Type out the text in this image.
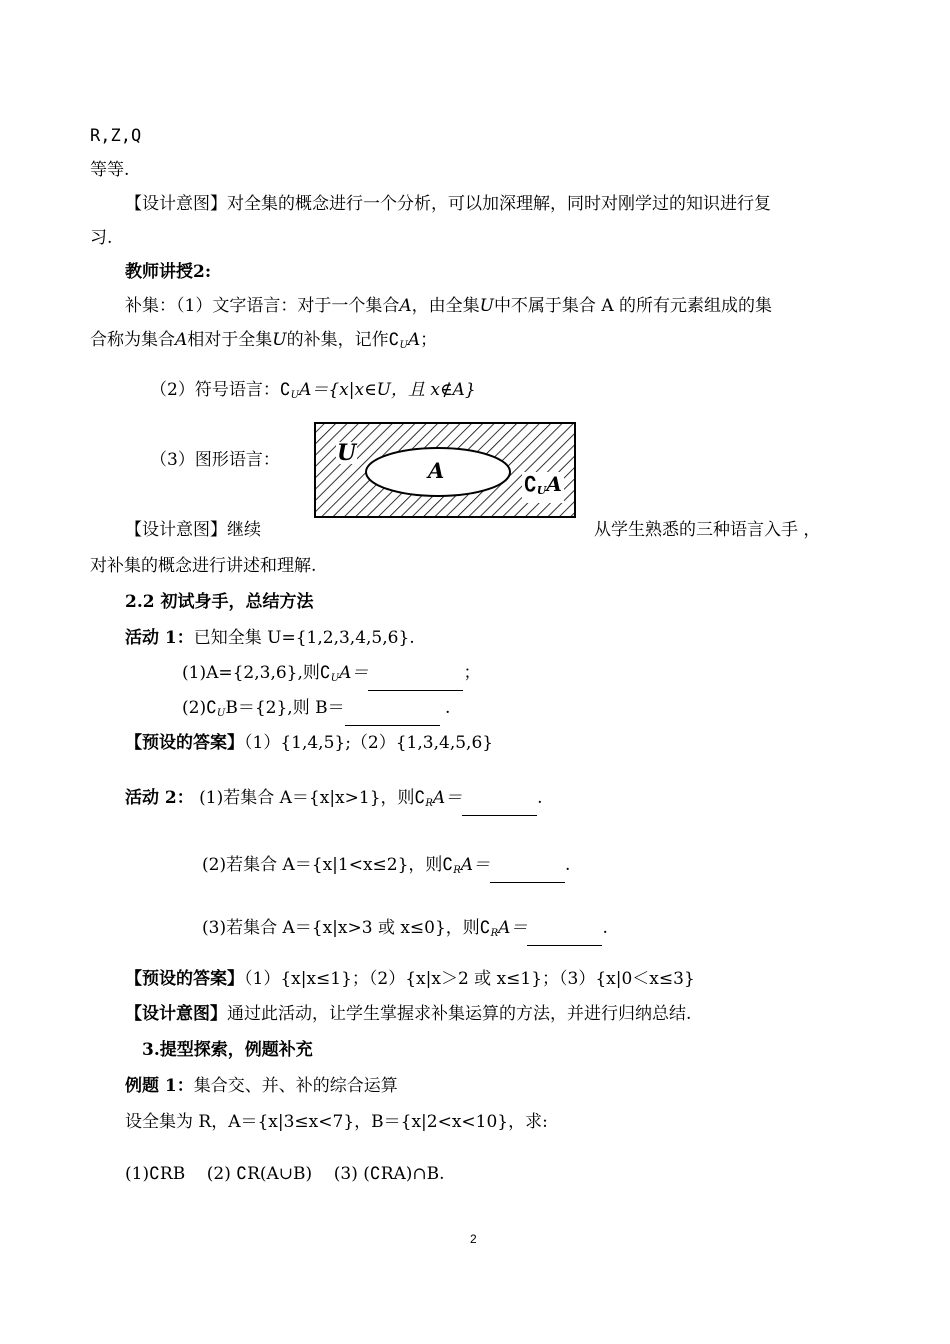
R,Z,Q
等等.
【设计意图】对全集的概念进行一个分析，可以加深理解，同时对刚学过的知识进行复
习.
教师讲授2:
补集：（1）文字语言：对于一个集合A，由全集U中不属于集合 A 的所有元素组成的集
合称为集合A相对于全集U的补集，记作$∁_UA$；
（2）符号语言：$∁_UA=\{x|x\in U$，且 x∉A}
（3）图形语言：	U
A
$∁_UA$
【设计意图】继续	从学生熟悉的三种语言入手 ，
对补集的概念进行讲述和理解.
2.2 初试身手，总结方法
活动 1：已知全集 U={1,2,3,4,5,6}.
(1)A={2,3,6},则$∁_UA=$	；
$(2)∁_UB=\{2\}$,则 B＝	.
【预设的答案】（1）{1,4,5};（2）{1,3,4,5,6}
活动 2： (1)若集合 A＝{x|x>1}，则$∁_RA=$	.
(2)若集合 A＝{x|1<x≤2}，则$∁_RA=$	.
(3)若集合 A＝{x|x>3 或 x≤0}，则$∁_RA=$	.
【预设的答案】（1）{x|x≤1}；（2）{x|x＞2 或 x≤1}；（3）{x|0＜x≤3}
【设计意图】通过此活动，让学生掌握求补集运算的方法，并进行归纳总结.
3.提型探索，例题补充
例题 1：集合交、并、补的综合运算
设全集为 R，A＝{x|3≤x<7}，B＝{x|2<x<10}，求:
(1)∁RB    (2) ∁R(A∪B)    (3) (∁RA)∩B.
2
